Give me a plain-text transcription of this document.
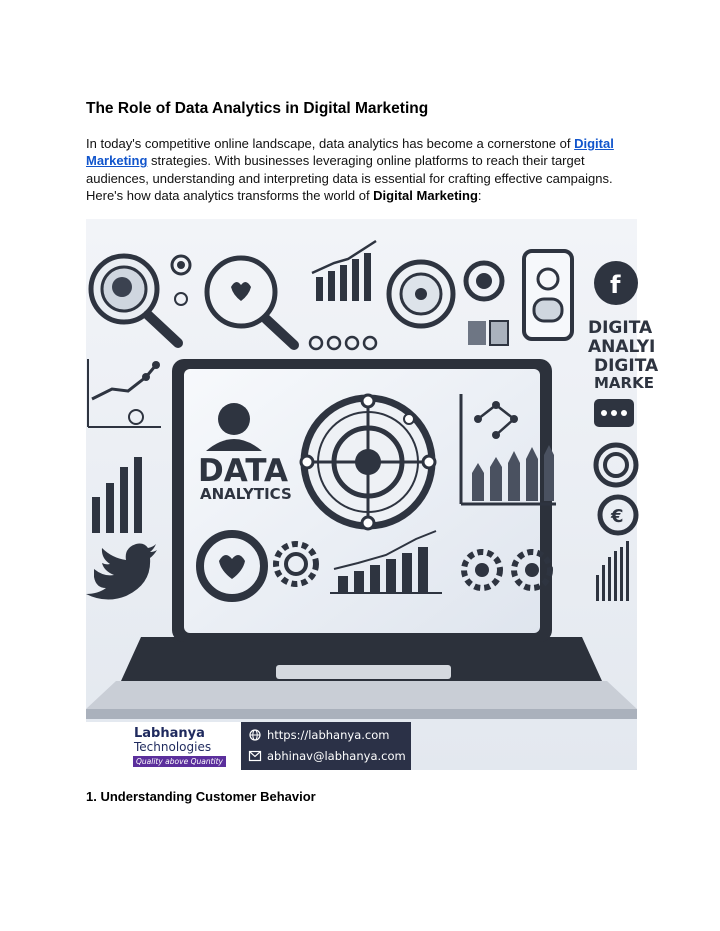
The Role of Data Analytics in Digital Marketing

In today's competitive online landscape, data analytics has become a cornerstone of Digital Marketing strategies. With businesses leveraging online platforms to reach their target audiences, understanding and interpreting data is essential for crafting effective campaigns. Here's how data analytics transforms the world of Digital Marketing:

f
DIGITA
ANALYI
DIGITA
MARKE
DATA
ANALYTICS
€
Labhanya
Technologies
Quality above Quantity
https://labhanya.com
abhinav@labhanya.com
1. Understanding Customer Behavior
